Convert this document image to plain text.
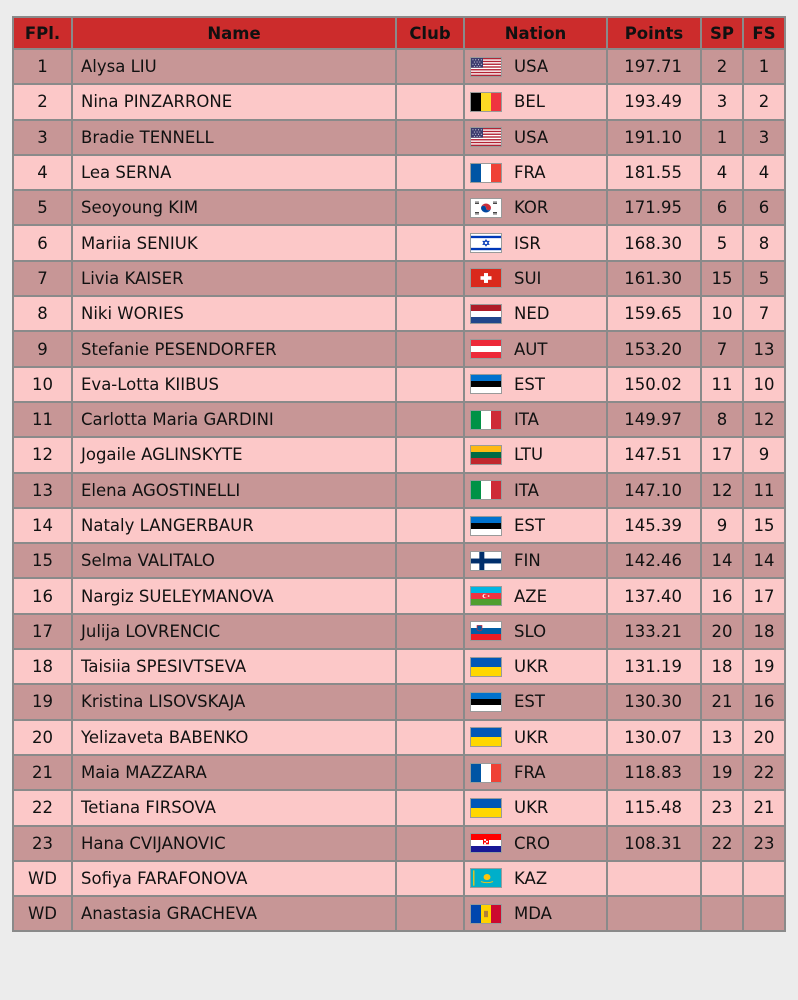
FPl.	Name	Club	Nation	Points	SP	FS
1	Alysa LIU		USA	197.71	2	1
2	Nina PINZARRONE		BEL	193.49	3	2
3	Bradie TENNELL		USA	191.10	1	3
4	Lea SERNA		FRA	181.55	4	4
5	Seoyoung KIM		KOR	171.95	6	6
6	Mariia SENIUK		ISR	168.30	5	8
7	Livia KAISER		SUI	161.30	15	5
8	Niki WORIES		NED	159.65	10	7
9	Stefanie PESENDORFER		AUT	153.20	7	13
10	Eva-Lotta KIIBUS		EST	150.02	11	10
11	Carlotta Maria GARDINI		ITA	149.97	8	12
12	Jogaile AGLINSKYTE		LTU	147.51	17	9
13	Elena AGOSTINELLI		ITA	147.10	12	11
14	Nataly LANGERBAUR		EST	145.39	9	15
15	Selma VALITALO		FIN	142.46	14	14
16	Nargiz SUELEYMANOVA		AZE	137.40	16	17
17	Julija LOVRENCIC		SLO	133.21	20	18
18	Taisiia SPESIVTSEVA		UKR	131.19	18	19
19	Kristina LISOVSKAJA		EST	130.30	21	16
20	Yelizaveta BABENKO		UKR	130.07	13	20
21	Maia MAZZARA		FRA	118.83	19	22
22	Tetiana FIRSOVA		UKR	115.48	23	21
23	Hana CVIJANOVIC		CRO	108.31	22	23
WD	Sofiya FARAFONOVA		KAZ			

WD	Anastasia GRACHEVA		MDA			
